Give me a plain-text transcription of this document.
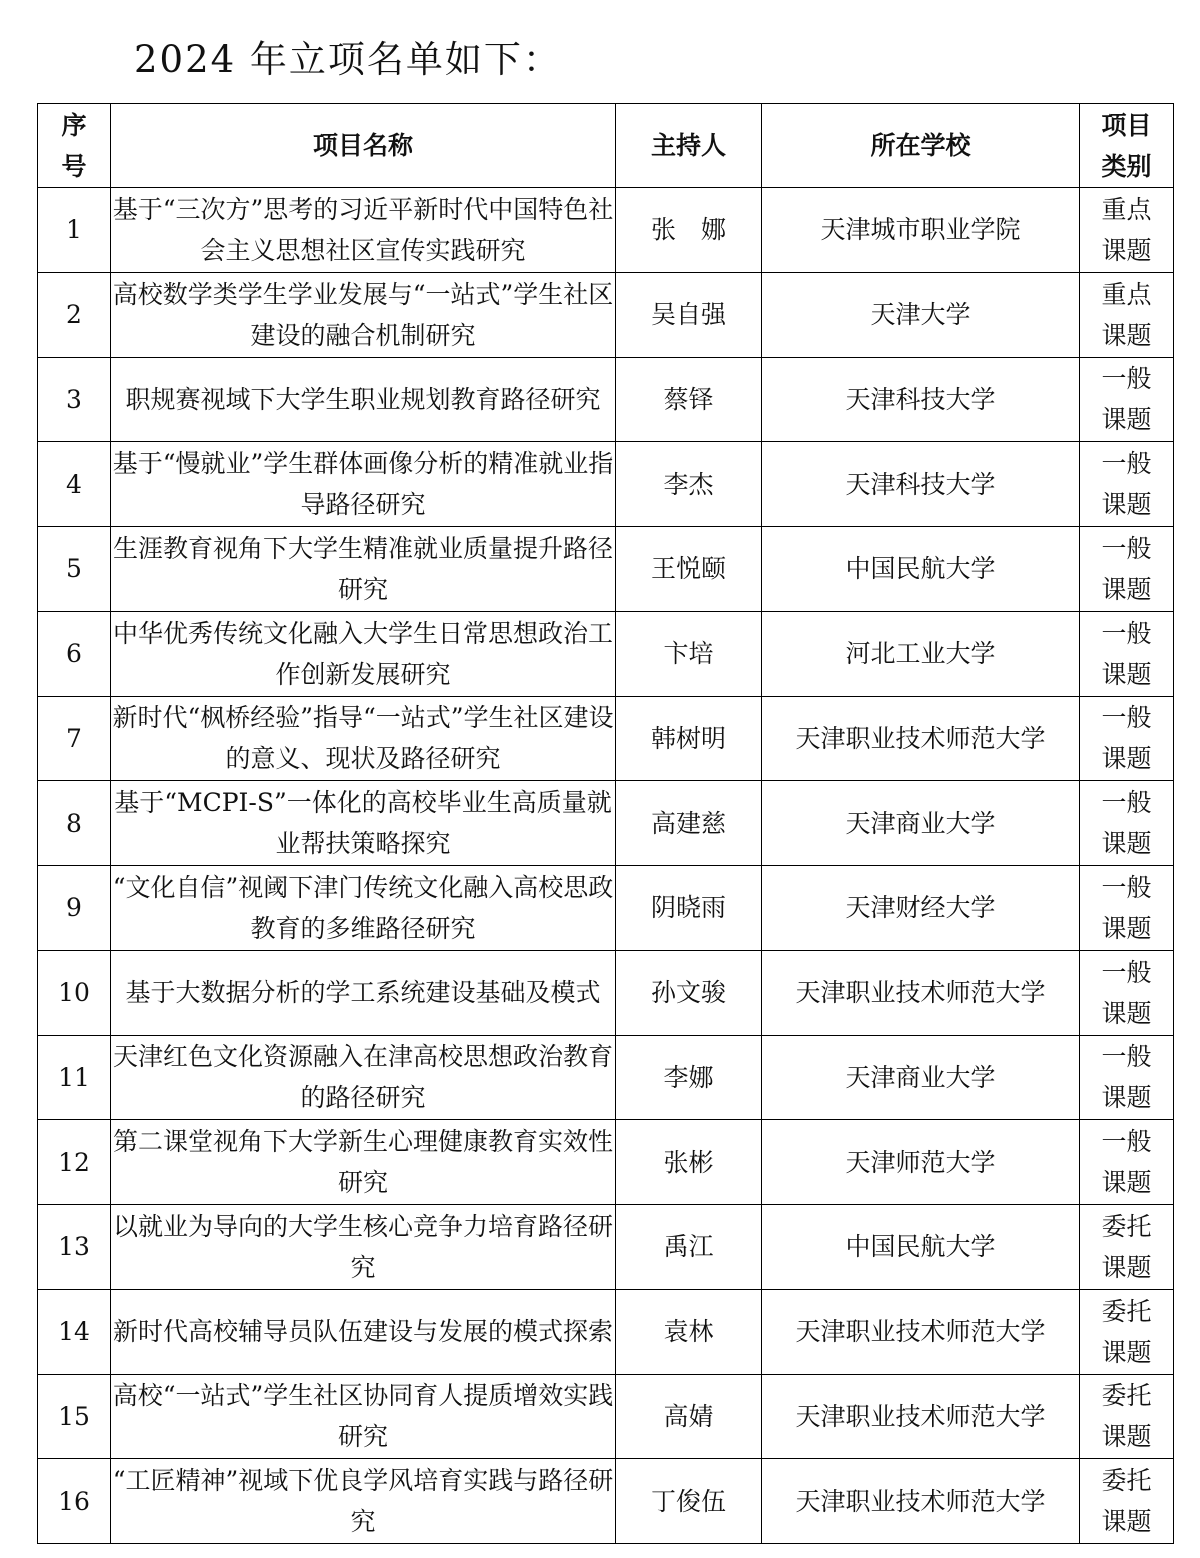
2024 年立项名单如下：
序
号	项目名称	主持人	所在学校	项目
类别

1	基于“三次方”思考的习近平新时代中国特色社会主义思想社区宣传实践研究	张　娜	天津城市职业学院	重点
课题

2	高校数学类学生学业发展与“一站式”学生社区建设的融合机制研究	吴自强	天津大学	重点
课题

3	职规赛视域下大学生职业规划教育路径研究	蔡铎	天津科技大学	一般
课题

4	基于“慢就业”学生群体画像分析的精准就业指导路径研究	李杰	天津科技大学	一般
课题

5	生涯教育视角下大学生精准就业质量提升路径研究	王悦颐	中国民航大学	一般
课题

6	中华优秀传统文化融入大学生日常思想政治工作创新发展研究	卞培	河北工业大学	一般
课题

7	新时代“枫桥经验”指导“一站式”学生社区建设的意义、现状及路径研究	韩树明	天津职业技术师范大学	一般
课题

8	基于“MCPI-S”一体化的高校毕业生高质量就业帮扶策略探究	高建慈	天津商业大学	一般
课题

9	“文化自信”视阈下津门传统文化融入高校思政教育的多维路径研究	阴晓雨	天津财经大学	一般
课题

10	基于大数据分析的学工系统建设基础及模式	孙文骏	天津职业技术师范大学	一般
课题

11	天津红色文化资源融入在津高校思想政治教育的路径研究	李娜	天津商业大学	一般
课题

12	第二课堂视角下大学新生心理健康教育实效性研究	张彬	天津师范大学	一般
课题

13	以就业为导向的大学生核心竞争力培育路径研究	禹江	中国民航大学	委托
课题

14	新时代高校辅导员队伍建设与发展的模式探索	袁林	天津职业技术师范大学	委托
课题

15	高校“一站式”学生社区协同育人提质增效实践研究	高婧	天津职业技术师范大学	委托
课题

16	“工匠精神”视域下优良学风培育实践与路径研究	丁俊伍	天津职业技术师范大学	委托
课题
